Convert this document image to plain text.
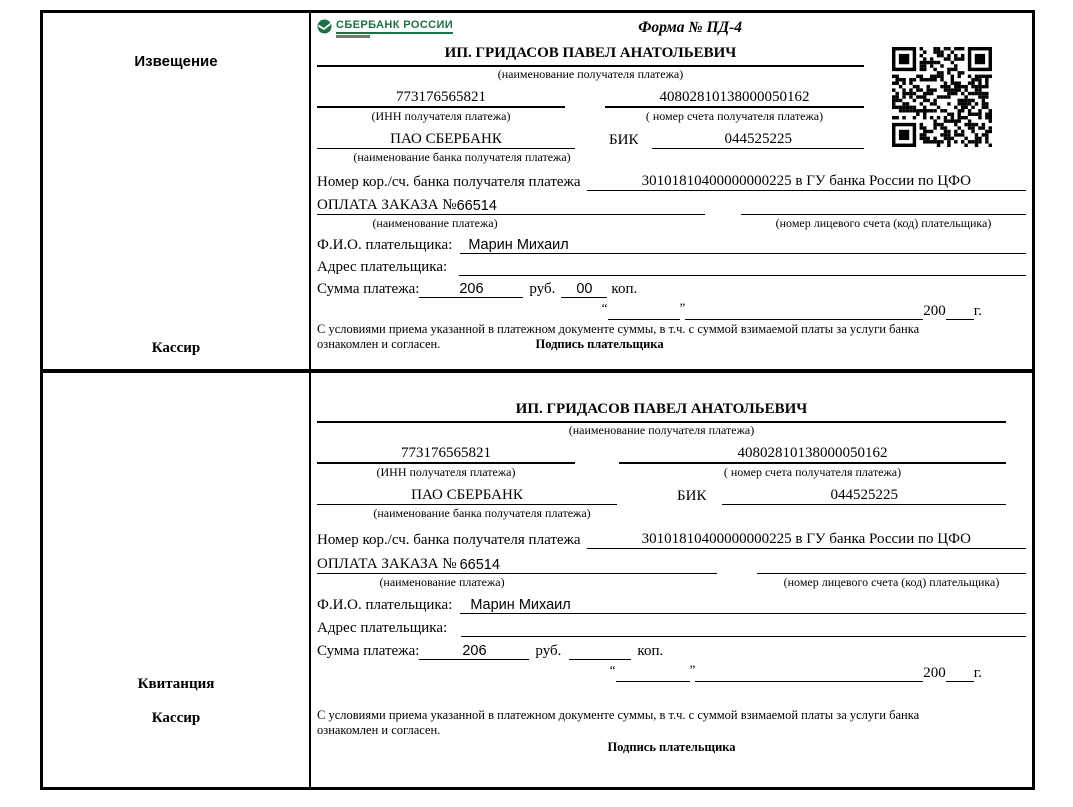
Извещение
Кассир
СБЕРБАНК РОССИИ	Форма № ПД-4
ИП. ГРИДАСОВ ПАВЕЛ АНАТОЛЬЕВИЧ
(наименование получателя платежа)
773176565821	40802810138000050162
(ИНН получателя платежа)	( номер счета получателя платежа)
ПАО СБЕРБАНК	БИК	044525225
(наименование банка получателя платежа)
Номер кор./сч. банка получателя платежа	30101810400000000225 в ГУ банка России по ЦФО
ОПЛАТА ЗАКАЗА № 66514
(наименование платежа)	(номер лицевого счета (код) плательщика)
Ф.И.О. плательщика:	Марин Михаил
Адрес плательщика:
Сумма платежа:	206	руб.	00	коп.
“	”	200 г.
С условиями приема указанной в платежном документе суммы, в т.ч. с суммой взимаемой платы за услуги банка
ознакомлен и согласен.	Подпись плательщика
Квитанция
Кассир
ИП. ГРИДАСОВ ПАВЕЛ АНАТОЛЬЕВИЧ
(наименование получателя платежа)
773176565821	40802810138000050162
(ИНН получателя платежа)	( номер счета получателя платежа)
ПАО СБЕРБАНК	БИК	044525225
(наименование банка получателя платежа)
Номер кор./сч. банка получателя платежа	30101810400000000225 в ГУ банка России по ЦФО
ОПЛАТА ЗАКАЗА № 66514
(наименование платежа)	(номер лицевого счета (код) плательщика)
Ф.И.О. плательщика:	Марин Михаил
Адрес плательщика:
Сумма платежа:	206	руб.	коп.
“	”	200 г.
С условиями приема указанной в платежном документе суммы, в т.ч. с суммой взимаемой платы за услуги банка
ознакомлен и согласен.
Подпись плательщика
